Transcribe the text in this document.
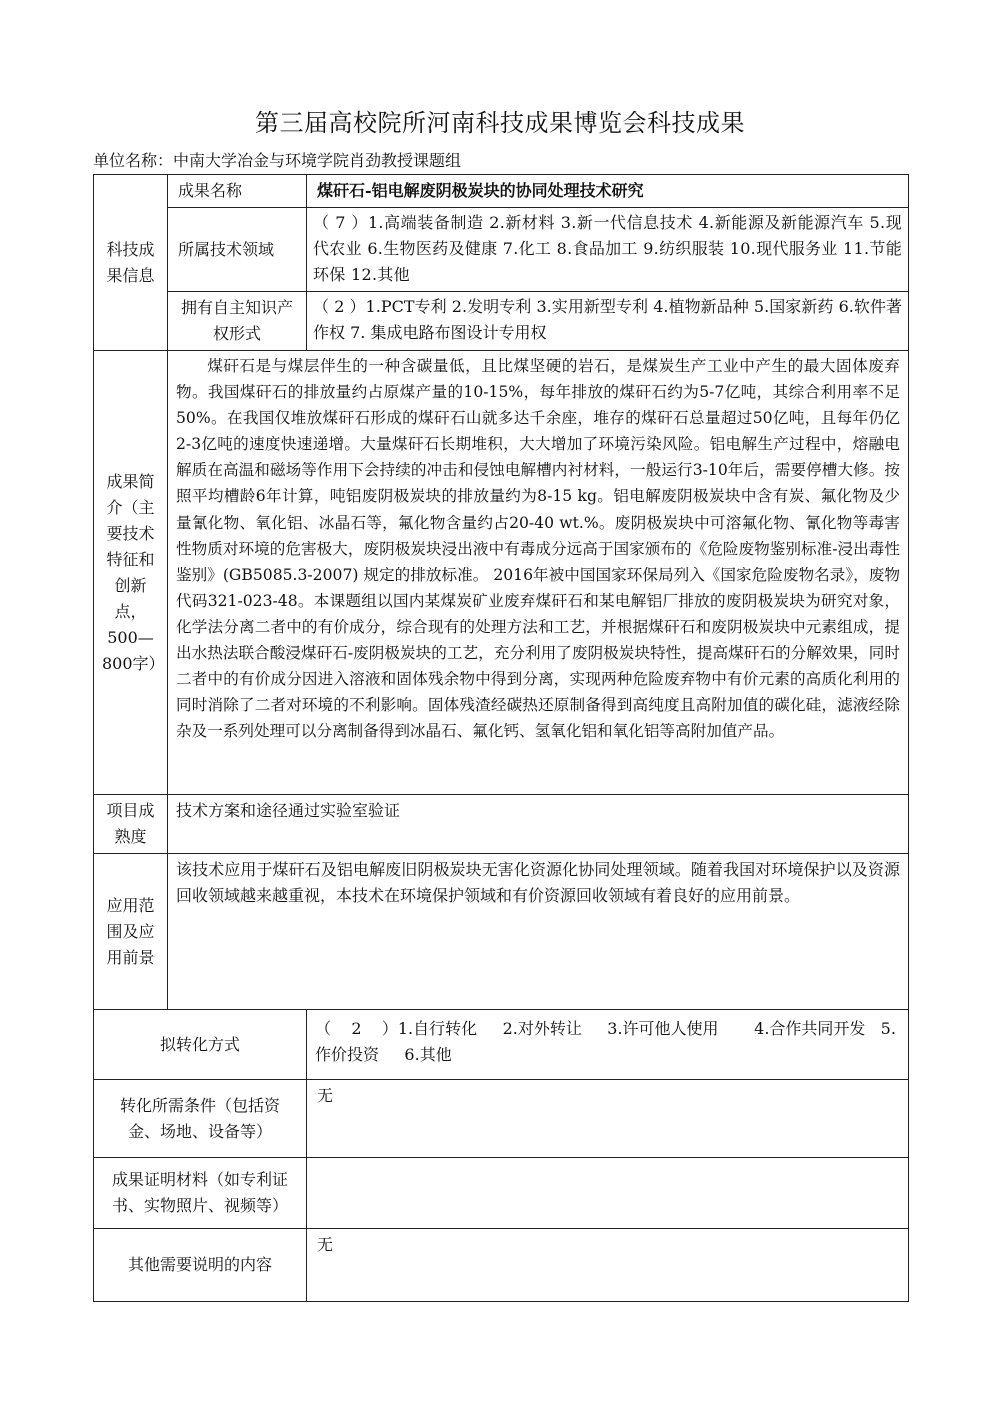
第三届高校院所河南科技成果博览会科技成果
单位名称：中南大学冶金与环境学院肖劲教授课题组
科技成果信息	成果名称	煤矸石-铝电解废阴极炭块的协同处理技术研究
	所属技术领域	（ 7 ）1.高端装备制造 2.新材料 3.新一代信息技术 4.新能源及新能源汽车 5.现代农业 6.生物医药及健康 7.化工 8.食品加工 9.纺织服装 10.现代服务业 11.节能环保 12.其他
	拥有自主知识产权形式	（ 2 ）1.PCT专利 2.发明专利 3.实用新型专利 4.植物新品种 5.国家新药 6.软件著作权 7. 集成电路布图设计专用权
成果简介（主要技术特征和创新点，500—800字）	煤矸石是与煤层伴生的一种含碳量低，且比煤坚硬的岩石，是煤炭生产工业中产生的最大固体废弃物。我国煤矸石的排放量约占原煤产量的10-15%，每年排放的煤矸石约为5-7亿吨，其综合利用率不足50%。在我国仅堆放煤矸石形成的煤矸石山就多达千余座，堆存的煤矸石总量超过50亿吨，且每年仍亿2-3亿吨的速度快速递增。大量煤矸石长期堆积，大大增加了环境污染风险。铝电解生产过程中，熔融电解质在高温和磁场等作用下会持续的冲击和侵蚀电解槽内衬材料，一般运行3-10年后，需要停槽大修。按照平均槽龄6年计算，吨铝废阴极炭块的排放量约为8-15 kg。铝电解废阴极炭块中含有炭、氟化物及少量氰化物、氧化铝、冰晶石等，氟化物含量约占20-40 wt.%。废阴极炭块中可溶氟化物、氰化物等毒害性物质对环境的危害极大，废阴极炭块浸出液中有毒成分远高于国家颁布的《危险废物鉴别标准-浸出毒性鉴别》(GB5085.3-2007) 规定的排放标准。 2016年被中国国家环保局列入《国家危险废物名录》，废物代码321-023-48。本课题组以国内某煤炭矿业废弃煤矸石和某电解铝厂排放的废阴极炭块为研究对象，化学法分离二者中的有价成分，综合现有的处理方法和工艺，并根据煤矸石和废阴极炭块中元素组成，提出水热法联合酸浸煤矸石-废阴极炭块的工艺，充分利用了废阴极炭块特性，提高煤矸石的分解效果，同时二者中的有价成分因进入溶液和固体残余物中得到分离，实现两种危险废弃物中有价元素的高质化利用的同时消除了二者对环境的不利影响。固体残渣经碳热还原制备得到高纯度且高附加值的碳化硅，滤液经除杂及一系列处理可以分离制备得到冰晶石、氟化钙、氢氧化铝和氧化铝等高附加值产品。	
项目成熟度	技术方案和途径通过实验室验证	
应用范围及应用前景	该技术应用于煤矸石及铝电解废旧阴极炭块无害化资源化协同处理领域。随着我国对环境保护以及资源回收领域越来越重视，本技术在环境保护领域和有价资源回收领域有着良好的应用前景。	
拟转化方式		（    2    ）1.自行转化     2.对外转让     3.许可他人使用       4.合作共同开发   5.作价投资     6.其他
转化所需条件（包括资金、场地、设备等）		无
成果证明材料（如专利证书、实物照片、视频等）		
其他需要说明的内容		无
